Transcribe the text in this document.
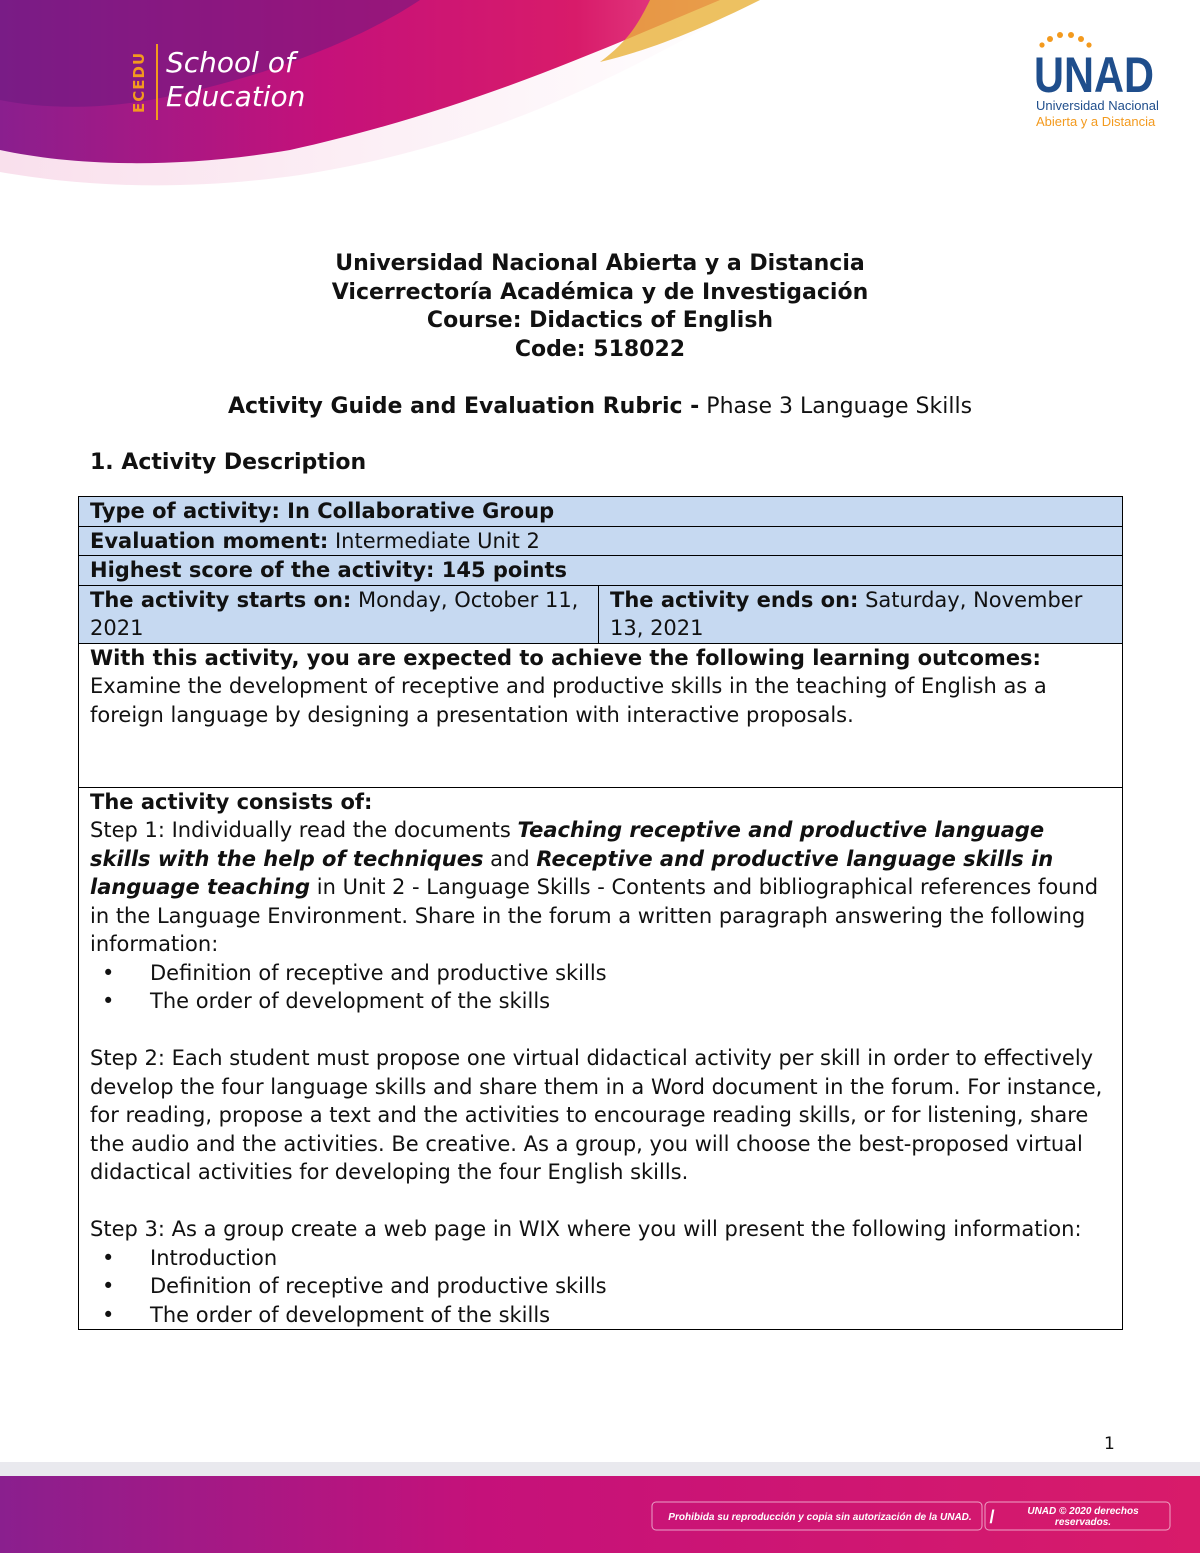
ECEDU School of
Education	UNAD
Universidad Nacional
Abierta y a Distancia
Universidad Nacional Abierta y a Distancia
Vicerrectoría Académica y de Investigación
Course: Didactics of English
Code: 518022
Activity Guide and Evaluation Rubric - Phase 3 Language Skills
1. Activity Description
Type of activity: In Collaborative Group
Evaluation moment: Intermediate Unit 2
Highest score of the activity: 145 points
The activity starts on: Monday, October 11, 2021	The activity ends on: Saturday, November 13, 2021

With this activity, you are expected to achieve the following learning outcomes:
Examine the development of receptive and productive skills in the teaching of English as a foreign language by designing a presentation with interactive proposals.

The activity consists of:
Step 1: Individually read the documents Teaching receptive and productive language skills with the help of techniques and Receptive and productive language skills in language teaching in Unit 2 - Language Skills - Contents and bibliographical references found in the Language Environment. Share in the forum a written paragraph answering the following information:
• Definition of receptive and productive skills
• The order of development of the skills
Step 2: Each student must propose one virtual didactical activity per skill in order to effectively develop the four language skills and share them in a Word document in the forum. For instance, for reading, propose a text and the activities to encourage reading skills, or for listening, share the audio and the activities. Be creative. As a group, you will choose the best-proposed virtual didactical activities for developing the four English skills.
Step 3: As a group create a web page in WIX where you will present the following information:
• Introduction
• Definition of receptive and productive skills
• The order of development of the skills
1
Prohibida su reproducción y copia sin autorización de la UNAD. /	UNAD © 2020 derechos reservados.
